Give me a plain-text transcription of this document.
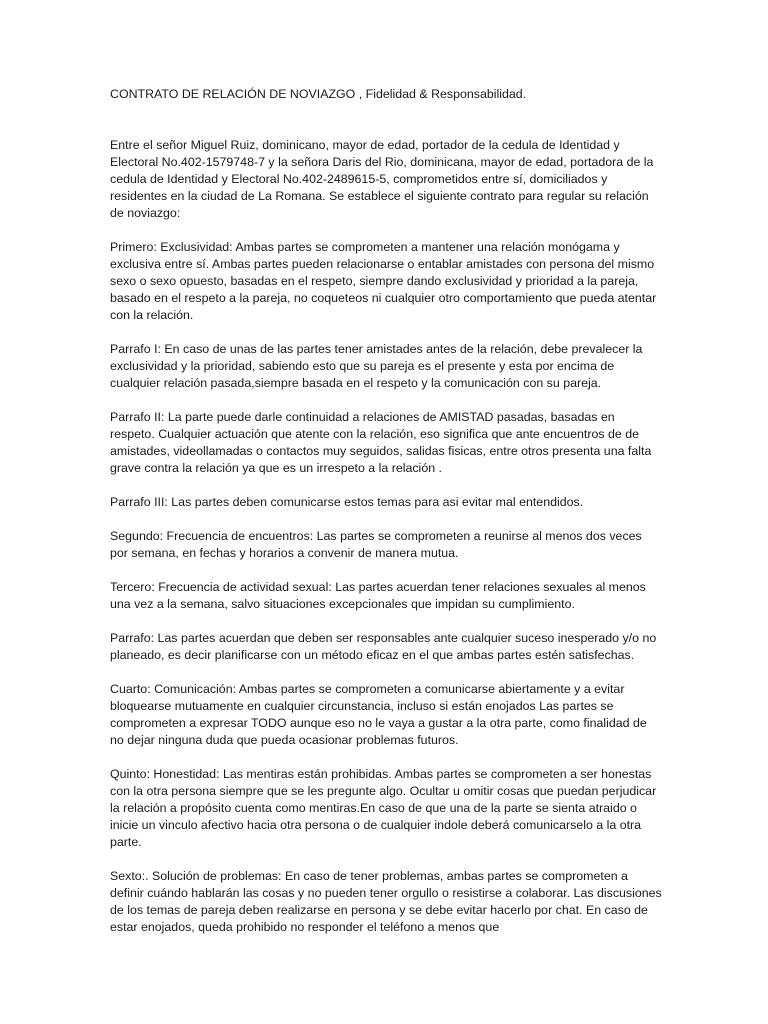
CONTRATO DE RELACIÓN DE NOVIAZGO , Fidelidad & Responsabilidad.
Entre el señor Miguel Ruiz, dominicano, mayor de edad, portador de la cedula de Identidad y Electoral No.402-1579748-7 y la señora Daris del Rio, dominicana, mayor de edad, portadora de la cedula de Identidad y Electoral No.402-2489615-5, comprometidos entre sí, domiciliados y residentes en la ciudad de La Romana. Se establece el siguiente contrato para regular su relación de noviazgo:
Primero: Exclusividad: Ambas partes se comprometen a mantener una relación monógama y exclusiva entre sí. Ambas partes pueden relacionarse o entablar amistades con persona del mismo sexo o sexo opuesto, basadas en el respeto, siempre dando exclusividad y prioridad a la pareja, basado en el respeto a la pareja, no coqueteos ni cualquier otro comportamiento que pueda atentar con la relación.
Parrafo I: En caso de unas de las partes tener amistades antes de la relación, debe prevalecer la exclusividad y la prioridad, sabiendo esto que su pareja es el presente y esta por encima de cualquier relación pasada,siempre basada en el respeto y la comunicación con su pareja.
Parrafo II: La parte puede darle continuidad a relaciones de AMISTAD pasadas, basadas en respeto. Cualquier actuación que atente con la relación, eso significa que ante encuentros de de amistades, videollamadas o contactos muy seguidos, salidas fisicas, entre otros presenta una falta grave contra la relación ya que es un irrespeto a la relación .
Parrafo III: Las partes deben comunicarse estos temas para asi evitar mal entendidos.
Segundo: Frecuencia de encuentros: Las partes se comprometen a reunirse al menos dos veces por semana, en fechas y horarios a convenir de manera mutua.
Tercero: Frecuencia de actividad sexual: Las partes acuerdan tener relaciones sexuales al menos una vez a la semana, salvo situaciones excepcionales que impidan su cumplimiento.
Parrafo: Las partes acuerdan que deben ser responsables ante cualquier suceso inesperado y/o no planeado, es decir planificarse con un método eficaz en el que ambas partes estén satisfechas.
Cuarto: Comunicación: Ambas partes se comprometen a comunicarse abiertamente y a evitar bloquearse mutuamente en cualquier circunstancia, incluso si están enojados Las partes se comprometen a expresar TODO aunque eso no le vaya a gustar a la otra parte, como finalidad de no dejar ninguna duda que pueda ocasionar problemas futuros.
Quinto: Honestidad: Las mentiras están prohibidas. Ambas partes se comprometen a ser honestas con la otra persona siempre que se les pregunte algo. Ocultar u omitir cosas que puedan perjudicar la relación a propósito cuenta como mentiras.En caso de que una de la parte se sienta atraido o inicie un vinculo afectivo hacia otra persona o de cualquier indole deberá comunicarselo a la otra parte.
Sexto:. Solución de problemas: En caso de tener problemas, ambas partes se comprometen a definir cuándo hablarán las cosas y no pueden tener orgullo o resistirse a colaborar. Las discusiones de los temas de pareja deben realizarse en persona y se debe evitar hacerlo por chat. En caso de estar enojados, queda prohibido no responder el teléfono a menos que
